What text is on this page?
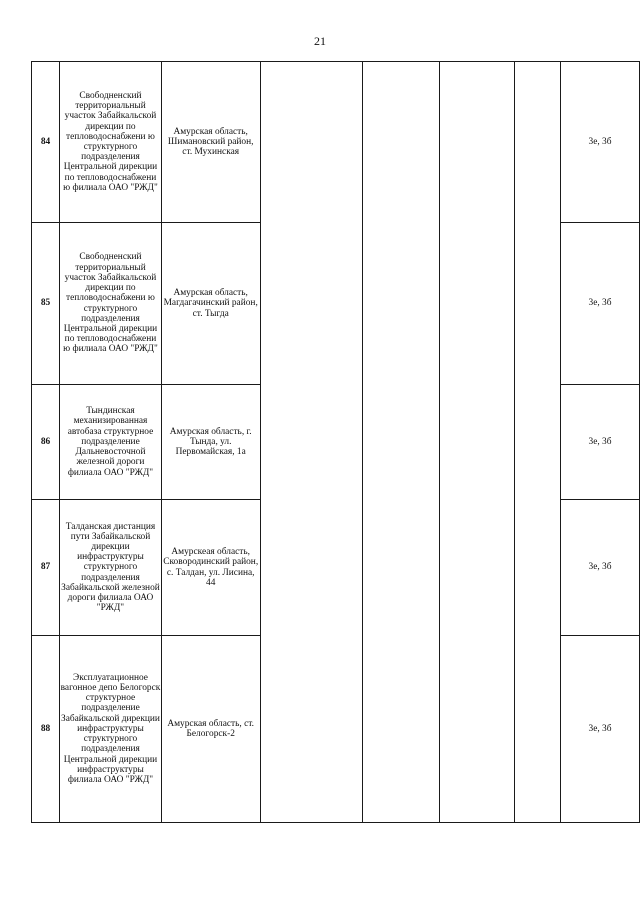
21
84	Свободненский территориальный участок Забайкальской дирекции по тепловодоснабжени ю структурного подразделения Центральной дирекции по тепловодоснабжени ю филиала ОАО "РЖД"	Амурская область, Шимановский район, ст. Мухинская					3е, 3б
85	Свободненский территориальный участок Забайкальской дирекции по тепловодоснабжени ю структурного подразделения Центральной дирекции по тепловодоснабжени ю филиала ОАО "РЖД"	Амурская область, Магдагачинский район, ст. Тыгда					3е, 3б
86	Тындинская механизированная автобаза структурное подразделение Дальневосточной железной дороги филиала ОАО "РЖД"	Амурская область, г. Тында, ул. Первомайская, 1а					3е, 3б
87	Талданская дистанция пути Забайкальской дирекции инфраструктуры структурного подразделения Забайкальской железной дороги филиала ОАО "РЖД"	Амурскеая область, Сковородинский район, с. Талдан, ул. Лисина, 44					3е, 3б
88	Эксплуатационное вагонное депо Белогорск структурное подразделение Забайкальской дирекции инфраструктуры структурного подразделения Центральной дирекции инфраструктуры филиала ОАО "РЖД"	Амурская область, ст. Белогорск-2					3е, 3б
